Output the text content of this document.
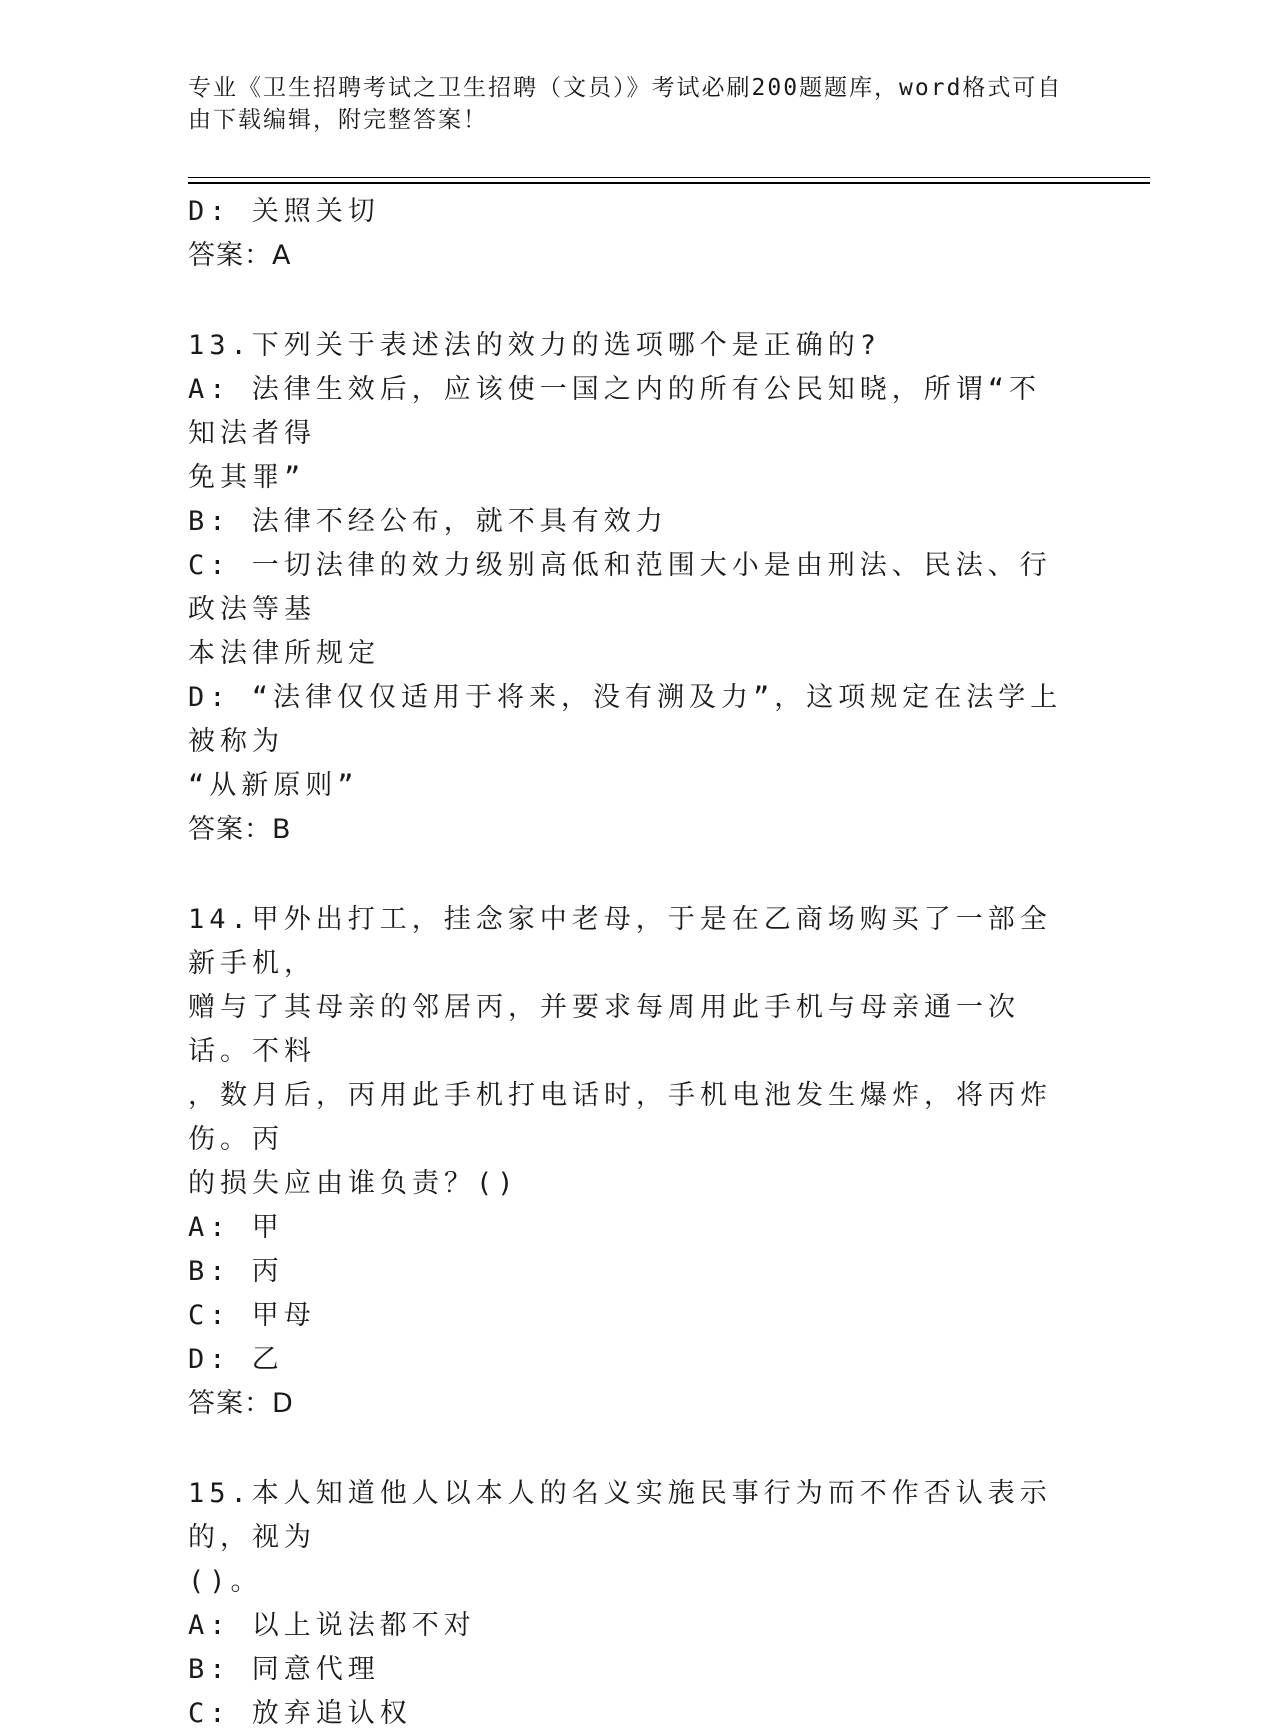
专业《卫生招聘考试之卫生招聘（文员）》考试必刷200题题库，word格式可自
由下载编辑，附完整答案！

D: 关照关切

答案：A

13.下列关于表述法的效力的选项哪个是正确的?

A: 法律生效后，应该使一国之内的所有公民知晓，所谓“不知法者得

免其罪”

B: 法律不经公布，就不具有效力

C: 一切法律的效力级别高低和范围大小是由刑法、民法、行政法等基

本法律所规定

D: “法律仅仅适用于将来，没有溯及力”，这项规定在法学上被称为

“从新原则”

答案：B

14.甲外出打工，挂念家中老母，于是在乙商场购买了一部全新手机，

赠与了其母亲的邻居丙，并要求每周用此手机与母亲通一次话。不料

，数月后，丙用此手机打电话时，手机电池发生爆炸，将丙炸伤。丙

的损失应由谁负责？()

A: 甲

B: 丙

C: 甲母

D: 乙

答案：D

15.本人知道他人以本人的名义实施民事行为而不作否认表示的，视为

()。

A: 以上说法都不对

B: 同意代理

C: 放弃追认权
